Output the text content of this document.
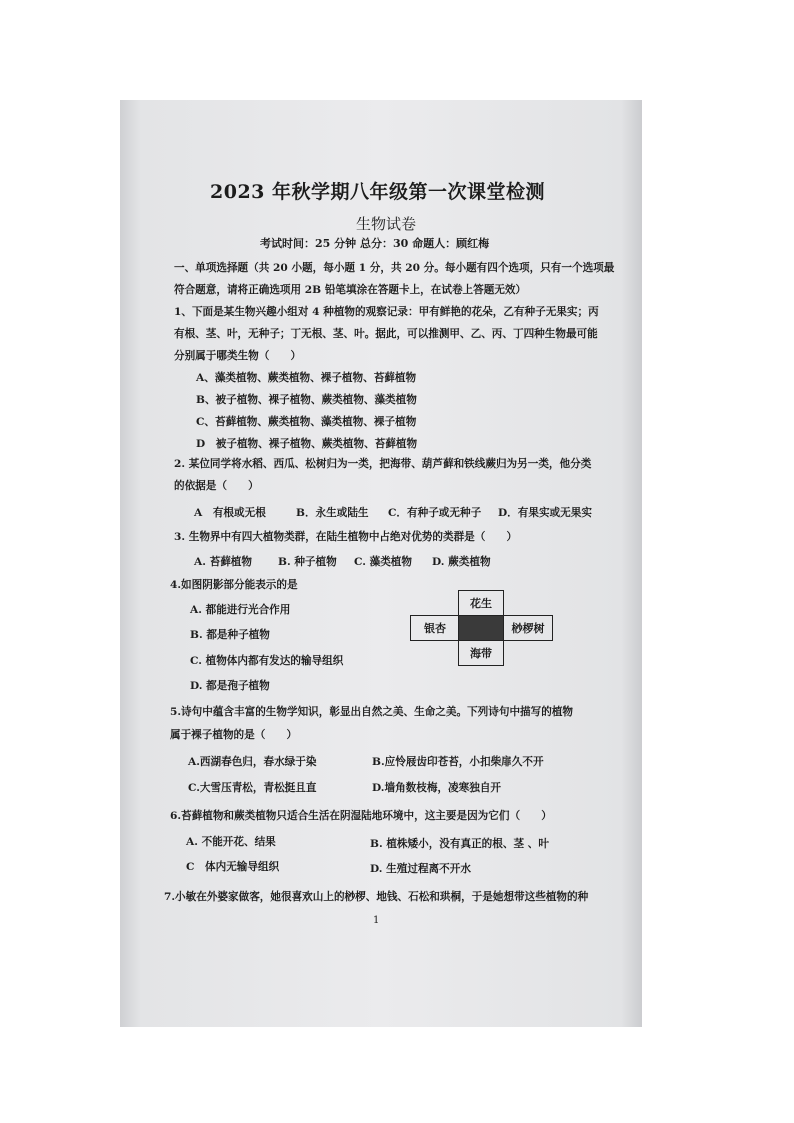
2023 年秋学期八年级第一次课堂检测
生物试卷
考试时间：25 分钟 总分：30 命题人：顾红梅
一、单项选择题（共 20 小题，每小题 1 分，共 20 分。每小题有四个选项，只有一个选项最
符合题意，请将正确选项用 2B 铅笔填涂在答题卡上，在试卷上答题无效）
1、下面是某生物兴趣小组对 4 种植物的观察记录：甲有鲜艳的花朵，乙有种子无果实；丙
有根、茎、叶，无种子；丁无根、茎、叶。据此，可以推测甲、乙、丙、丁四种生物最可能
分别属于哪类生物（　　）
A、藻类植物、蕨类植物、裸子植物、苔藓植物
B、被子植物、裸子植物、蕨类植物、藻类植物
C、苔藓植物、蕨类植物、藻类植物、裸子植物
D　被子植物、裸子植物、蕨类植物、苔藓植物
2. 某位同学将水稻、西瓜、松树归为一类，把海带、葫芦藓和铁线蕨归为另一类，他分类
的依据是（　　）
A　有根或无根	B．永生或陆生 C．有种子或无种子 D．有果实或无果实
3. 生物界中有四大植物类群，在陆生植物中占绝对优势的类群是（　　）
A. 苔藓植物 B. 种子植物 C. 藻类植物 D. 蕨类植物
4.如图阴影部分能表示的是
A. 都能进行光合作用
B. 都是种子植物
C. 植物体内都有发达的输导组织
D. 都是孢子植物
花生
银杏	桫椤树
海带
5.诗句中蕴含丰富的生物学知识，彰显出自然之美、生命之美。下列诗句中描写的植物
属于裸子植物的是（　　）
A.西湖春色归，春水绿于染	B.应怜屐齿印苍苔，小扣柴扉久不开
C.大雪压青松，青松挺且直	D.墙角数枝梅，凌寒独自开
6.苔藓植物和蕨类植物只适合生活在阴湿陆地环境中，这主要是因为它们（　　）
A. 不能开花、结果	B. 植株矮小，没有真正的根、茎 、叶
C　体内无输导组织	D. 生殖过程离不开水
7.小敏在外婆家做客，她很喜欢山上的桫椤、地钱、石松和珙桐，于是她想带这些植物的种
1
